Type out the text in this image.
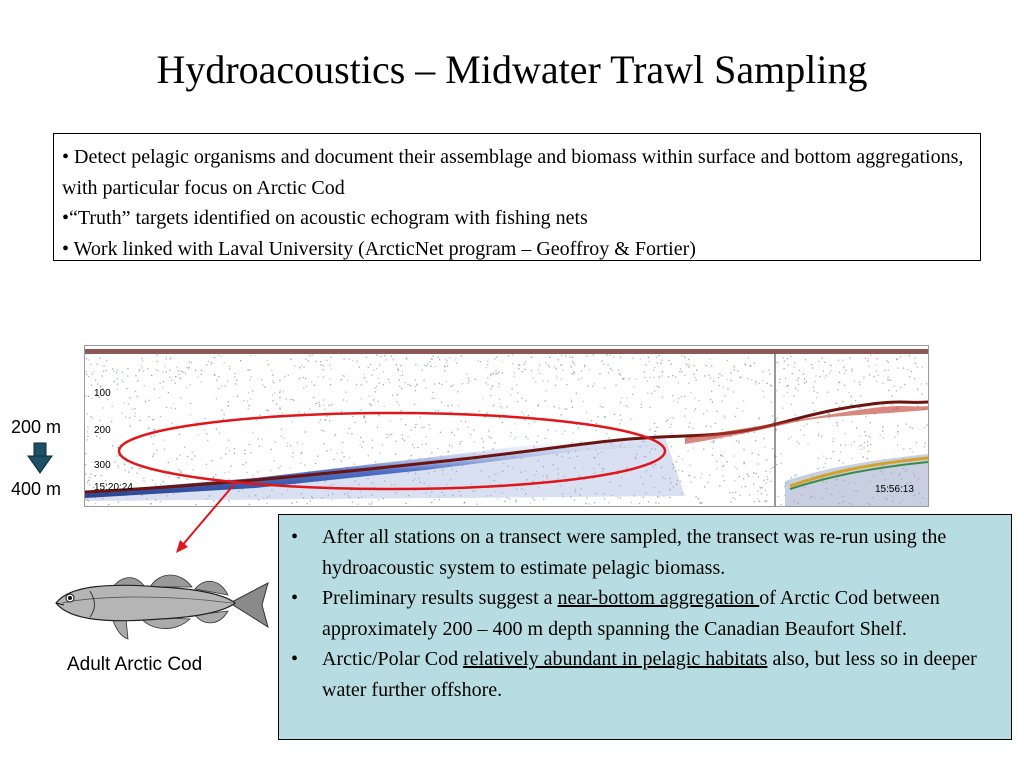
Hydroacoustics – Midwater Trawl Sampling

• Detect pelagic organisms and document their assemblage and biomass within surface and bottom aggregations, with particular focus on Arctic Cod

•“Truth” targets identified on acoustic echogram with fishing nets

• Work linked with Laval University (ArcticNet program – Geoffroy & Fortier)

100
200
300
15:20:24	15:56:13
200 m
400 m
Adult Arctic Cod
• After all stations on a transect were sampled, the transect was re-run using the hydroacoustic system to estimate pelagic biomass.
• Preliminary results suggest a near-bottom aggregation of Arctic Cod between approximately 200 – 400 m depth spanning the Canadian Beaufort Shelf.
• Arctic/Polar Cod relatively abundant in pelagic habitats also, but less so in deeper water further offshore.
